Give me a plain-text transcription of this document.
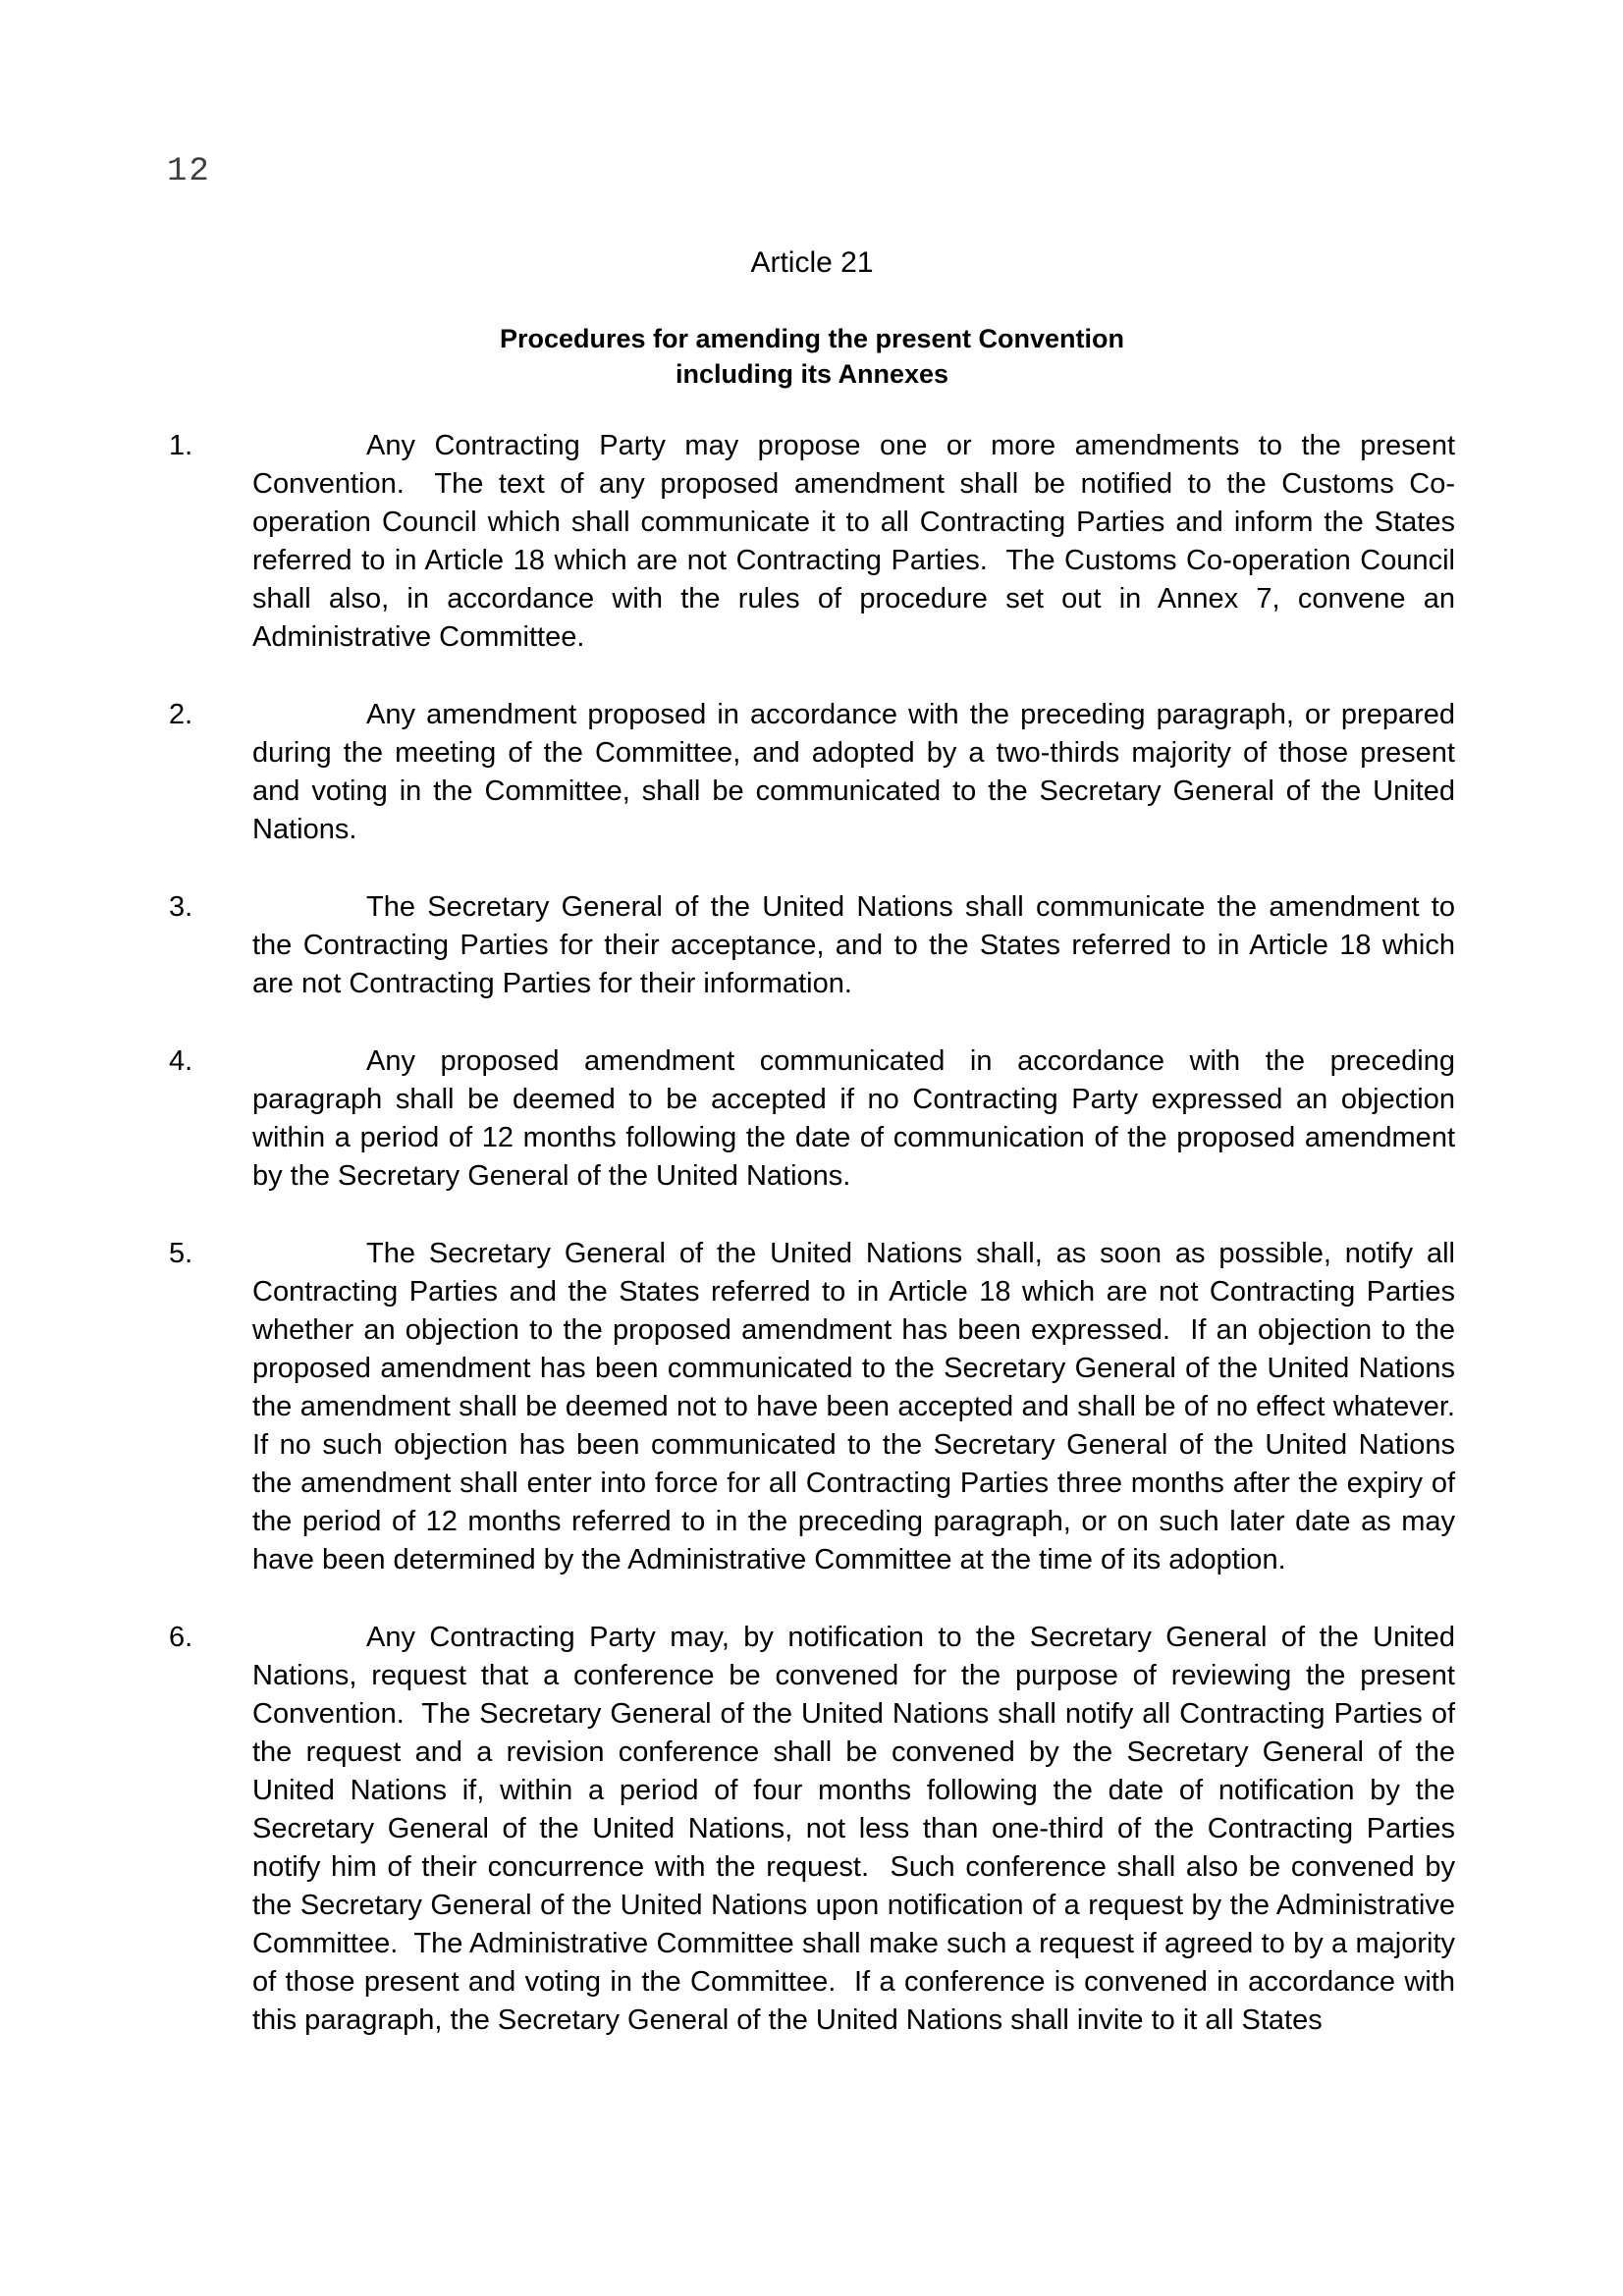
12
Article 21
Procedures for amending the present Convention
including its Annexes
1.	Any Contracting Party may propose one or more amendments to the present Convention.  The text of any proposed amendment shall be notified to the Customs Co-operation Council which shall communicate it to all Contracting Parties and inform the States referred to in Article 18 which are not Contracting Parties.  The Customs Co-operation Council shall also, in accordance with the rules of procedure set out in Annex 7, convene an Administrative Committee.
2.	Any amendment proposed in accordance with the preceding paragraph, or prepared during the meeting of the Committee, and adopted by a two-thirds majority of those present and voting in the Committee, shall be communicated to the Secretary General of the United Nations.
3.	The Secretary General of the United Nations shall communicate the amendment to the Contracting Parties for their acceptance, and to the States referred to in Article 18 which are not Contracting Parties for their information.
4.	Any proposed amendment communicated in accordance with the preceding paragraph shall be deemed to be accepted if no Contracting Party expressed an objection within a period of 12 months following the date of communication of the proposed amendment by the Secretary General of the United Nations.
5.	The Secretary General of the United Nations shall, as soon as possible, notify all Contracting Parties and the States referred to in Article 18 which are not Contracting Parties whether an objection to the proposed amendment has been expressed.  If an objection to the proposed amendment has been communicated to the Secretary General of the United Nations the amendment shall be deemed not to have been accepted and shall be of no effect whatever.  If no such objection has been communicated to the Secretary General of the United Nations the amendment shall enter into force for all Contracting Parties three months after the expiry of the period of 12 months referred to in the preceding paragraph, or on such later date as may have been determined by the Administrative Committee at the time of its adoption.
6.	Any Contracting Party may, by notification to the Secretary General of the United Nations, request that a conference be convened for the purpose of reviewing the present Convention.  The Secretary General of the United Nations shall notify all Contracting Parties of the request and a revision conference shall be convened by the Secretary General of the United Nations if, within a period of four months following the date of notification by the Secretary General of the United Nations, not less than one-third of the Contracting Parties notify him of their concurrence with the request.  Such conference shall also be convened by the Secretary General of the United Nations upon notification of a request by the Administrative Committee.  The Administrative Committee shall make such a request if agreed to by a majority of those present and voting in the Committee.  If a conference is convened in accordance with this paragraph, the Secretary General of the United Nations shall invite to it all States
